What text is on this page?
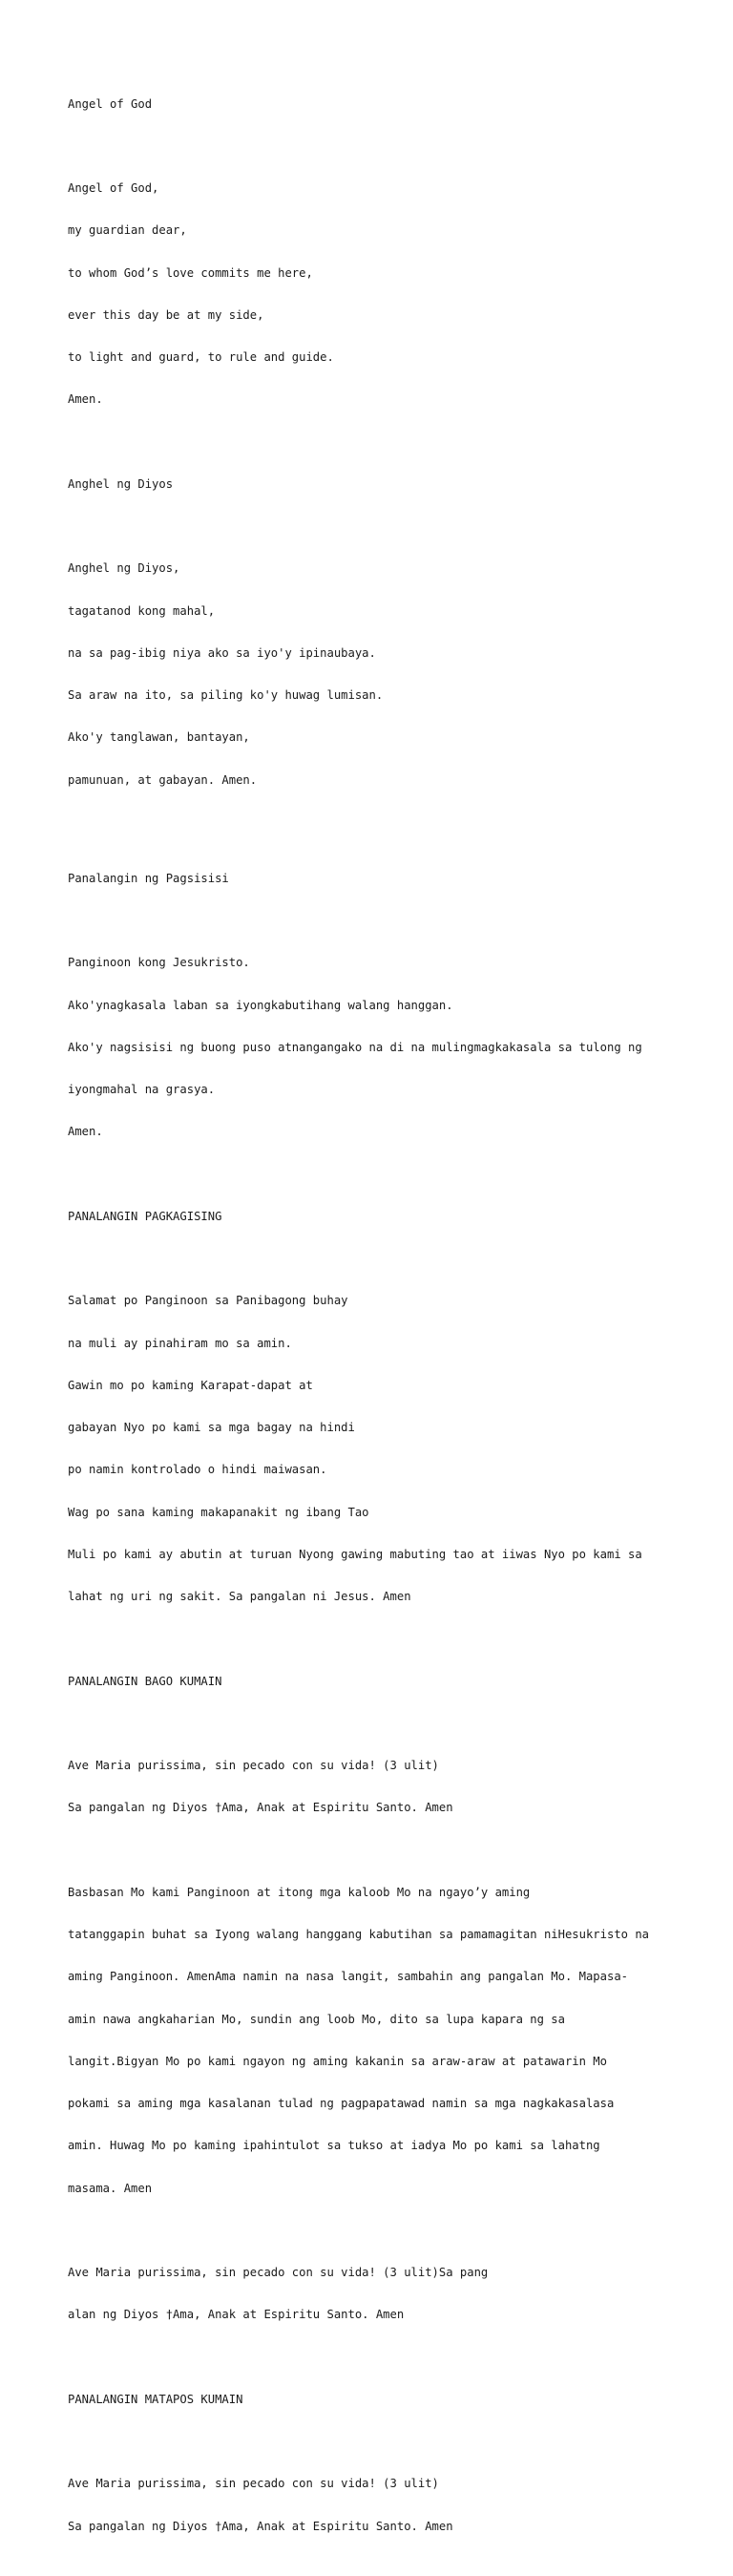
Angel of God

Angel of God,

my guardian dear,

to whom God’s love commits me here,

ever this day be at my side,

to light and guard, to rule and guide.

Amen.

Anghel ng Diyos

Anghel ng Diyos,

tagatanod kong mahal,

na sa pag-ibig niya ako sa iyo'y ipinaubaya.

Sa araw na ito, sa piling ko'y huwag lumisan.

Ako'y tanglawan, bantayan,

pamunuan, at gabayan. Amen.

Panalangin ng Pagsisisi

Panginoon kong Jesukristo.

Ako'ynagkasala laban sa iyongkabutihang walang hanggan.

Ako'y nagsisisi ng buong puso atnangangako na di na mulingmagkakasala sa tulong ng

iyongmahal na grasya.

Amen.

PANALANGIN PAGKAGISING

Salamat po Panginoon sa Panibagong buhay

na muli ay pinahiram mo sa amin.

Gawin mo po kaming Karapat-dapat at

gabayan Nyo po kami sa mga bagay na hindi

po namin kontrolado o hindi maiwasan.

Wag po sana kaming makapanakit ng ibang Tao

Muli po kami ay abutin at turuan Nyong gawing mabuting tao at iiwas Nyo po kami sa

lahat ng uri ng sakit. Sa pangalan ni Jesus. Amen

PANALANGIN BAGO KUMAIN

Ave Maria purissima, sin pecado con su vida! (3 ulit)

Sa pangalan ng Diyos †Ama, Anak at Espiritu Santo. Amen

Basbasan Mo kami Panginoon at itong mga kaloob Mo na ngayo’y aming

tatanggapin buhat sa Iyong walang hanggang kabutihan sa pamamagitan niHesukristo na

aming Panginoon. AmenAma namin na nasa langit, sambahin ang pangalan Mo. Mapasa-

amin nawa angkaharian Mo, sundin ang loob Mo, dito sa lupa kapara ng sa

langit.Bigyan Mo po kami ngayon ng aming kakanin sa araw-araw at patawarin Mo

pokami sa aming mga kasalanan tulad ng pagpapatawad namin sa mga nagkakasalasa

amin. Huwag Mo po kaming ipahintulot sa tukso at iadya Mo po kami sa lahatng

masama. Amen

Ave Maria purissima, sin pecado con su vida! (3 ulit)Sa pang

alan ng Diyos †Ama, Anak at Espiritu Santo. Amen

PANALANGIN MATAPOS KUMAIN

Ave Maria purissima, sin pecado con su vida! (3 ulit)

Sa pangalan ng Diyos †Ama, Anak at Espiritu Santo. Amen
